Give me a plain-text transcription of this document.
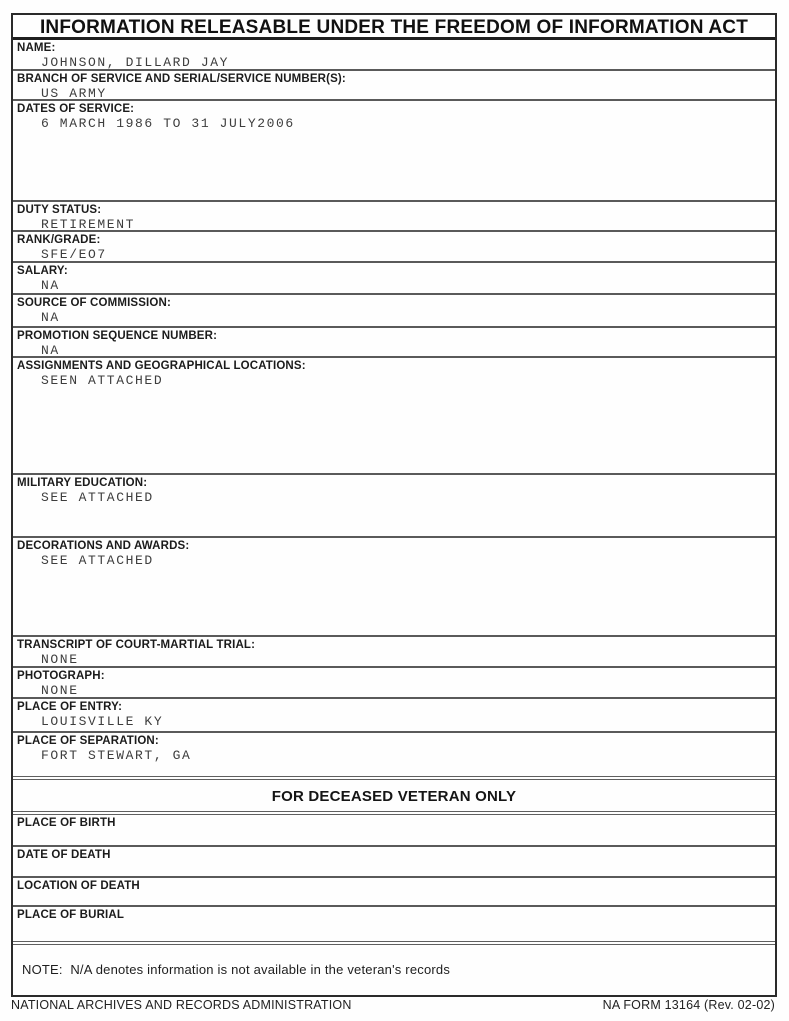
INFORMATION RELEASABLE UNDER THE FREEDOM OF INFORMATION ACT
NAME:
JOHNSON, DILLARD JAY
BRANCH OF SERVICE AND SERIAL/SERVICE NUMBER(S):
US ARMY
DATES OF SERVICE:
6 MARCH 1986 TO 31 JULY2006
DUTY STATUS:
RETIREMENT
RANK/GRADE:
SFE/EO7
SALARY:
NA
SOURCE OF COMMISSION:
NA
PROMOTION SEQUENCE NUMBER:
NA
ASSIGNMENTS AND GEOGRAPHICAL LOCATIONS:
SEEN ATTACHED
MILITARY EDUCATION:
SEE ATTACHED
DECORATIONS AND AWARDS:
SEE ATTACHED
TRANSCRIPT OF COURT-MARTIAL TRIAL:
NONE
PHOTOGRAPH:
NONE
PLACE OF ENTRY:
LOUISVILLE KY
PLACE OF SEPARATION:
FORT STEWART, GA
FOR DECEASED VETERAN ONLY
PLACE OF BIRTH
DATE OF DEATH
LOCATION OF DEATH
PLACE OF BURIAL
NOTE:  N/A denotes information is not available in the veteran's records
NATIONAL ARCHIVES AND RECORDS ADMINISTRATION	NA FORM 13164 (Rev. 02-02)
